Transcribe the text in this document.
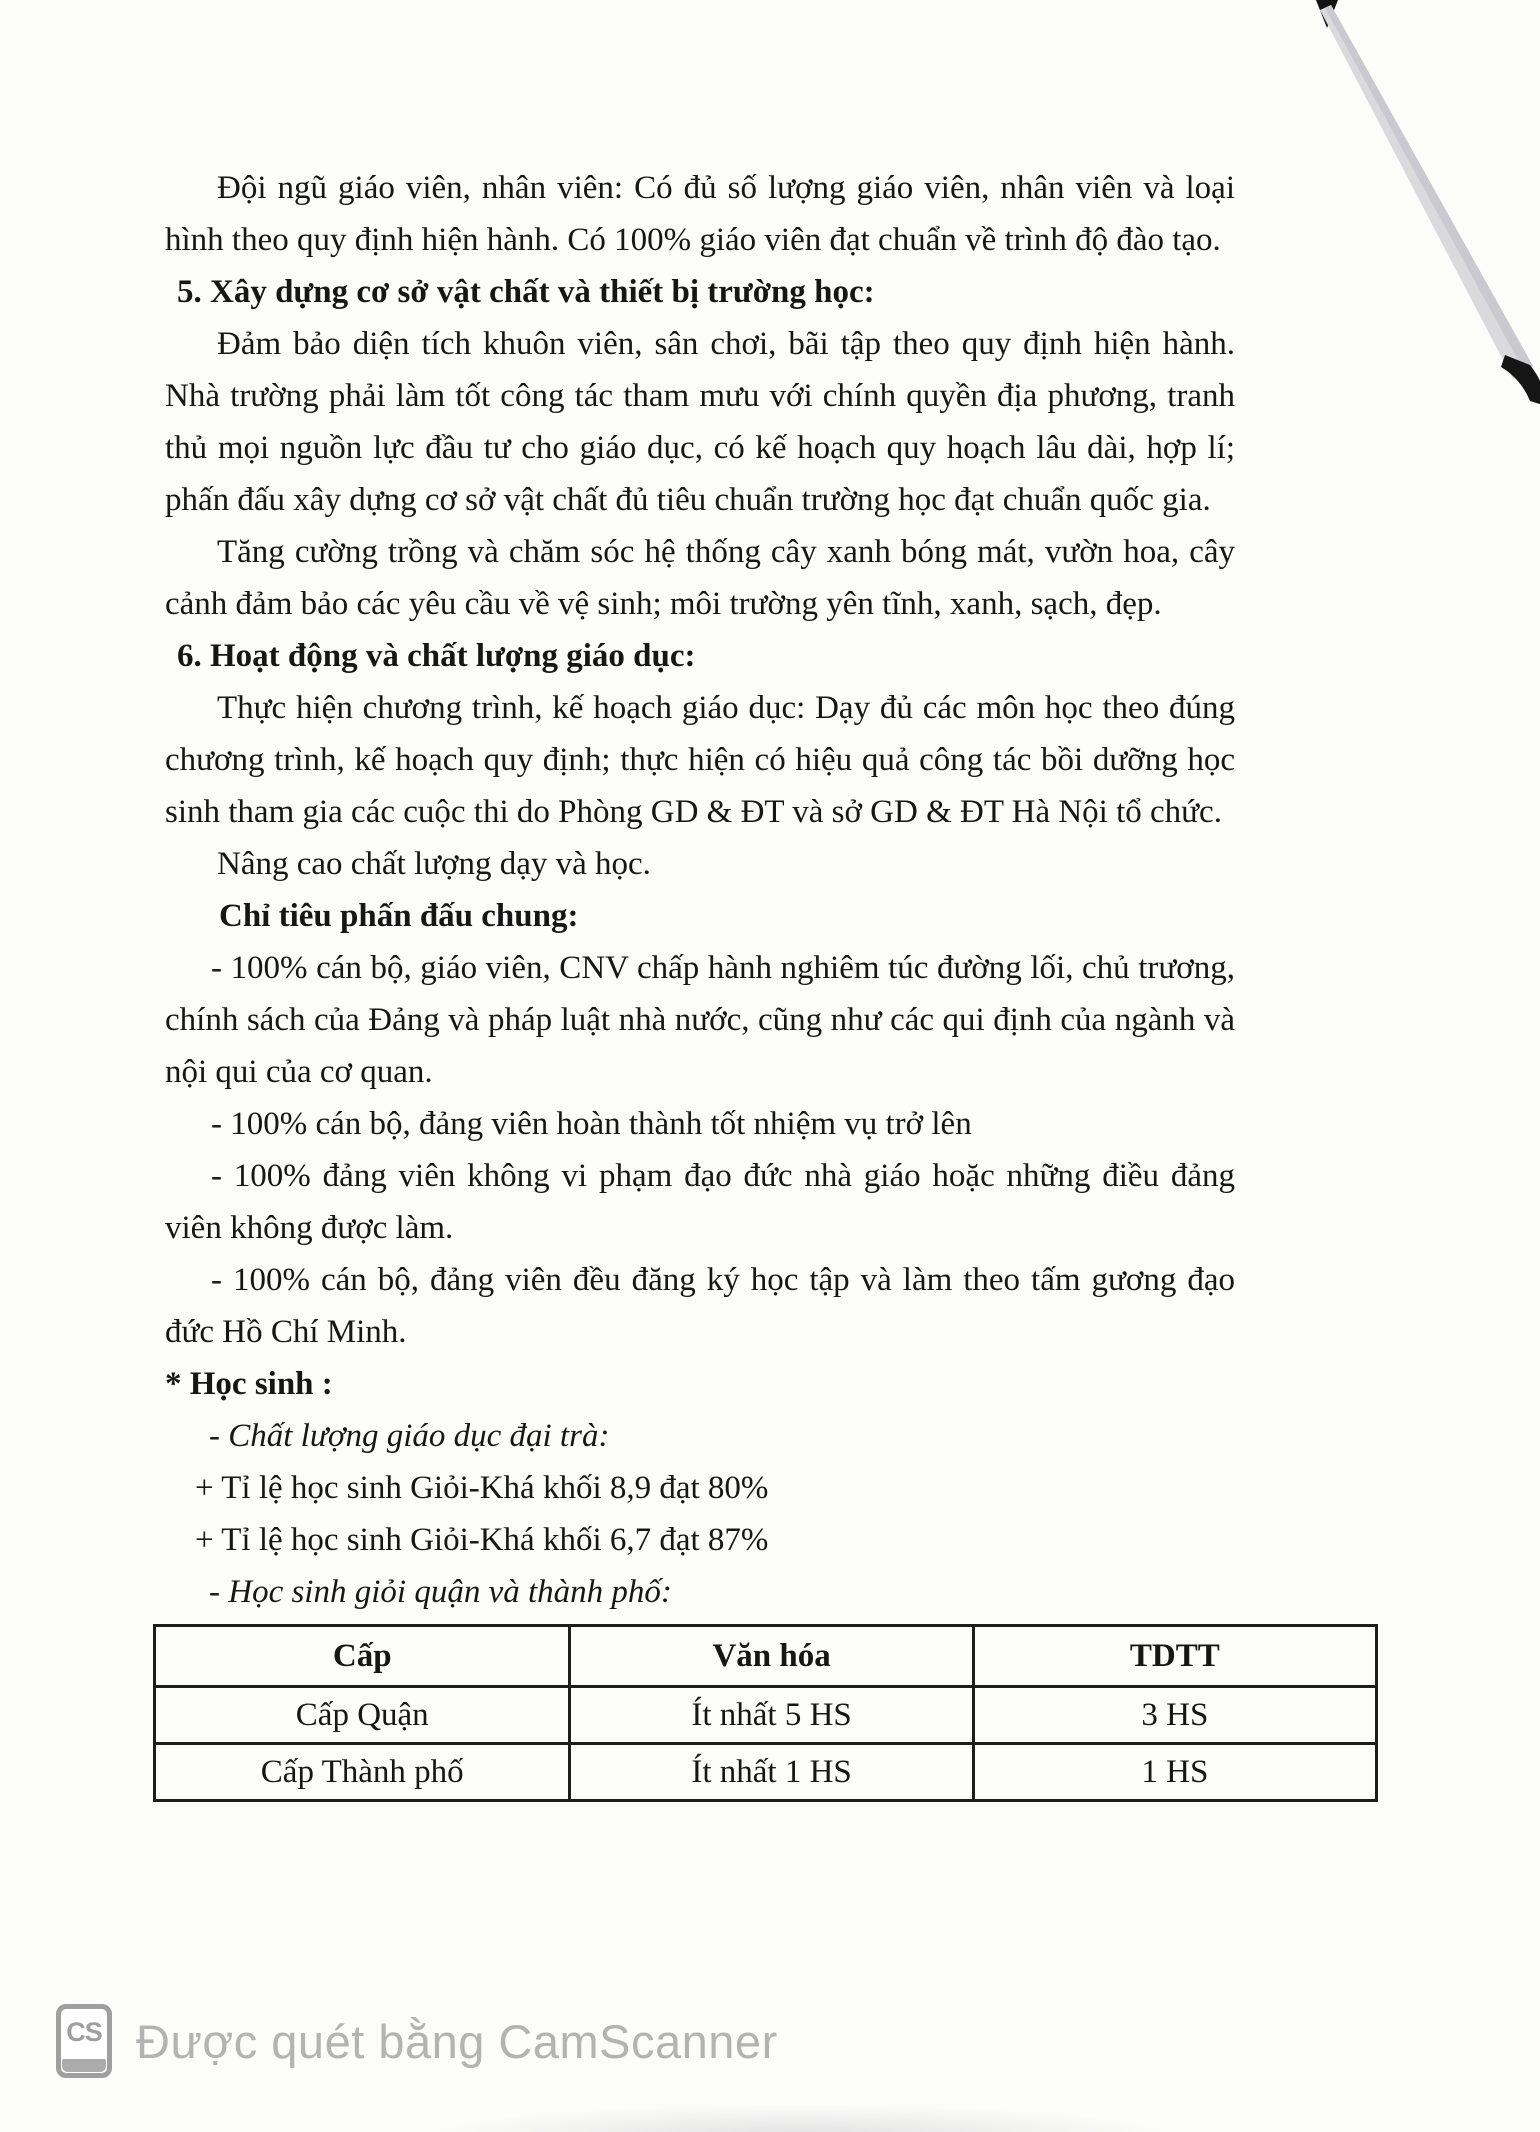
Đội ngũ giáo viên, nhân viên: Có đủ số lượng giáo viên, nhân viên và loại hình theo quy định hiện hành. Có 100% giáo viên đạt chuẩn về trình độ đào tạo.

5. Xây dựng cơ sở vật chất và thiết bị trường học:

Đảm bảo diện tích khuôn viên, sân chơi, bãi tập theo quy định hiện hành. Nhà trường phải làm tốt công tác tham mưu với chính quyền địa phương, tranh thủ mọi nguồn lực đầu tư cho giáo dục, có kế hoạch quy hoạch lâu dài, hợp lí; phấn đấu xây dựng cơ sở vật chất đủ tiêu chuẩn trường học đạt chuẩn quốc gia.

Tăng cường trồng và chăm sóc hệ thống cây xanh bóng mát, vườn hoa, cây cảnh đảm bảo các yêu cầu về vệ sinh; môi trường yên tĩnh, xanh, sạch, đẹp.

6. Hoạt động và chất lượng giáo dục:

Thực hiện chương trình, kế hoạch giáo dục: Dạy đủ các môn học theo đúng chương trình, kế hoạch quy định; thực hiện có hiệu quả công tác bồi dưỡng học sinh tham gia các cuộc thi do Phòng GD & ĐT và sở GD & ĐT Hà Nội tổ chức.

Nâng cao chất lượng dạy và học.

Chỉ tiêu phấn đấu chung:

- 100% cán bộ, giáo viên, CNV chấp hành nghiêm túc đường lối, chủ trương, chính sách của Đảng và pháp luật nhà nước, cũng như các qui định của ngành và nội qui của cơ quan.

- 100% cán bộ, đảng viên hoàn thành tốt nhiệm vụ trở lên

- 100% đảng viên không vi phạm đạo đức nhà giáo hoặc những điều đảng viên không được làm.

- 100% cán bộ, đảng viên đều đăng ký học tập và làm theo tấm gương đạo đức Hồ Chí Minh.

* Học sinh :

- Chất lượng giáo dục đại trà:

+ Tỉ lệ học sinh Giỏi-Khá khối 8,9 đạt 80%

+ Tỉ lệ học sinh Giỏi-Khá khối 6,7 đạt 87%

- Học sinh giỏi quận và thành phố:

Cấp	Văn hóa	TDTT
Cấp Quận	Ít nhất 5 HS	3 HS
Cấp Thành phố	Ít nhất 1 HS	1 HS
CS Được quét bằng CamScanner
